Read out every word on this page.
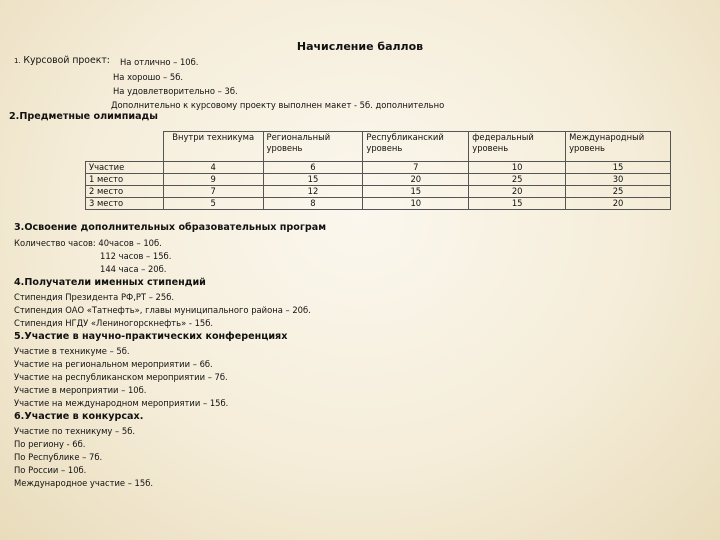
Начисление баллов
1. Курсовой проект: На отлично – 10б.
На хорошо – 5б.
На удовлетворительно – 3б.
Дополнительно к курсовому проекту выполнен макет - 5б. дополнительно
2.Предметные олимпиады
	Внутри техникума	Региональный уровень	Республиканский уровень	федеральный уровень	Международный уровень
Участие	4	6	7	10	15
1 место	9	15	20	25	30
2 место	7	12	15	20	25
3 место	5	8	10	15	20
3.Освоение дополнительных образовательных програм
Количество часов: 40часов – 10б.
112 часов – 15б.
144 часа – 20б.
4.Получатели именных стипендий
Стипендия Президента РФ,РТ – 25б.
Стипендия ОАО «Татнефть», главы муниципального района – 20б.
Стипендия НГДУ «Лениногорскнефть» - 15б.
5.Участие в научно-практических конференциях
Участие в техникуме – 5б.
Участие на региональном мероприятии – 6б.
Участие на республиканском мероприятии – 7б.
Участие в мероприятии – 10б.
Участие на международном мероприятии – 15б.
6.Участие в конкурсах.
Участие по техникуму – 5б.
По региону - 6б.
По Республике – 7б.
По России – 10б.
Международное участие – 15б.
